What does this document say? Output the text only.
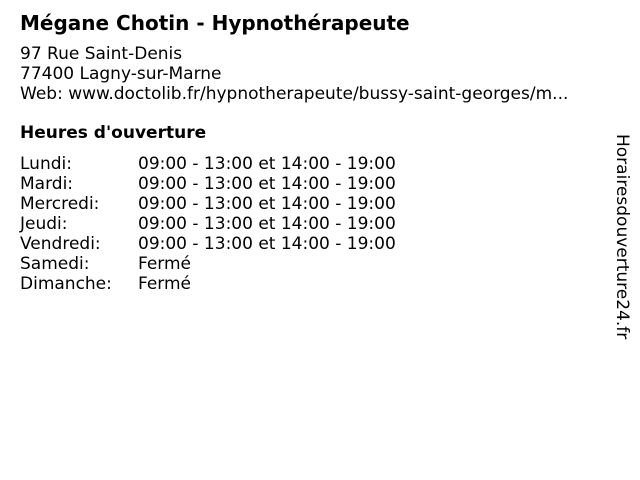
Mégane Chotin - Hypnothérapeute
97 Rue Saint-Denis
77400 Lagny-sur-Marne
Web: www.doctolib.fr/hypnotherapeute/bussy-saint-georges/m...
Heures d'ouverture
Lundi:	09:00 - 13:00 et 14:00 - 19:00
Mardi:	09:00 - 13:00 et 14:00 - 19:00
Mercredi:	09:00 - 13:00 et 14:00 - 19:00
Jeudi:	09:00 - 13:00 et 14:00 - 19:00
Vendredi:	09:00 - 13:00 et 14:00 - 19:00
Samedi:	Fermé
Dimanche:	Fermé	Horairesdouverture24.fr
